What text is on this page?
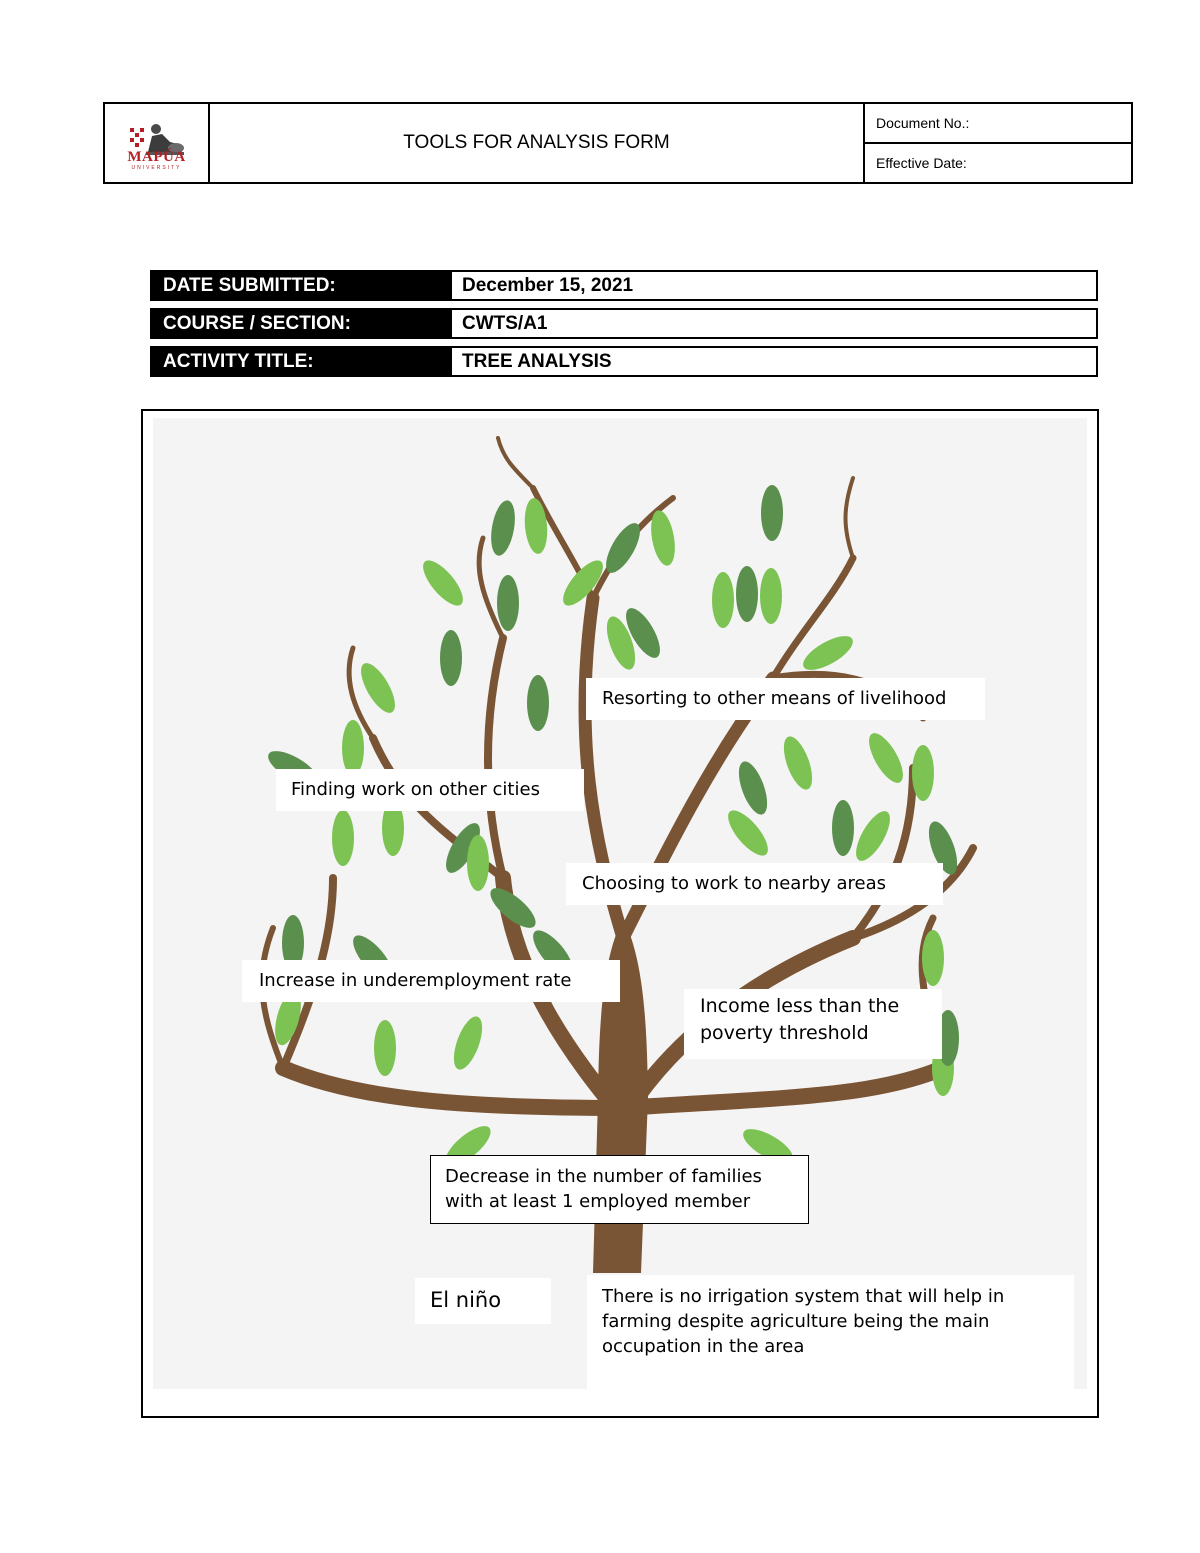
TOOLS FOR ANALYSIS FORM
Document No.:
Effective Date:
MAPÚA
UNIVERSITY
DATE SUBMITTED:	December 15, 2021
COURSE / SECTION:	CWTS/A1
ACTIVITY TITLE:	TREE ANALYSIS
Resorting to other means of livelihood
Finding work on other cities
Choosing to work to nearby areas
Increase in underemployment rate
Income less than the
poverty threshold
Decrease in the number of families
with at least 1 employed member
El niño	There is no irrigation system that will help in
farming despite agriculture being the main
occupation in the area
